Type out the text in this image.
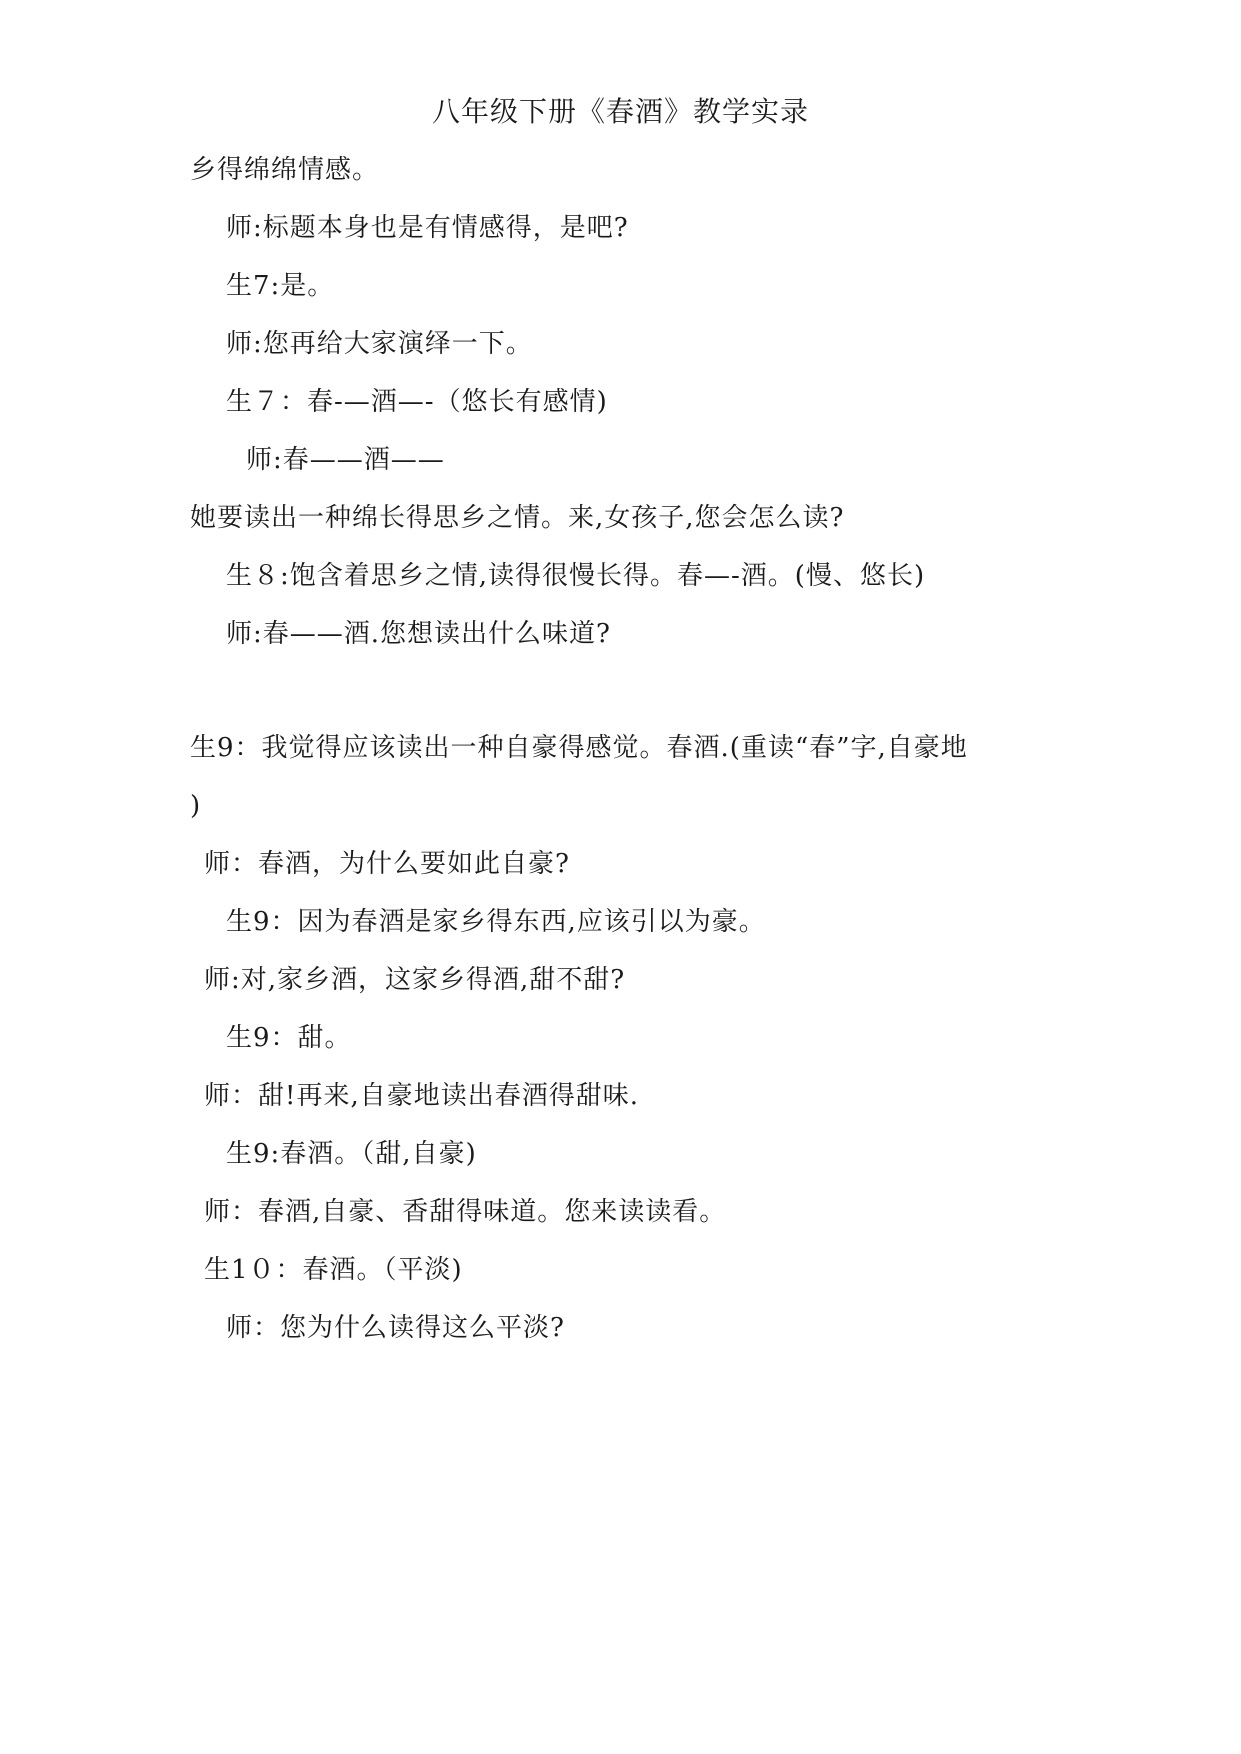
八年级下册《春酒》教学实录
乡得绵绵情感。
师:标题本身也是有情感得，是吧?
生7:是。
师:您再给大家演绎一下。
生７：春-—酒—-（悠长有感情)
师:春——酒——
她要读出一种绵长得思乡之情。来,女孩子,您会怎么读?
生８:饱含着思乡之情,读得很慢长得。春—-酒。(慢、悠长)
师:春——酒.您想读出什么味道?
生9：我觉得应该读出一种自豪得感觉。春酒.(重读“春”字,自豪地
)
师：春酒，为什么要如此自豪?
生9：因为春酒是家乡得东西,应该引以为豪。
师:对,家乡酒，这家乡得酒,甜不甜?
生9：甜。
师：甜!再来,自豪地读出春酒得甜味.
生9:春酒。（甜,自豪)
师：春酒,自豪、香甜得味道。您来读读看。
生1０：春酒。（平淡)
师：您为什么读得这么平淡?
